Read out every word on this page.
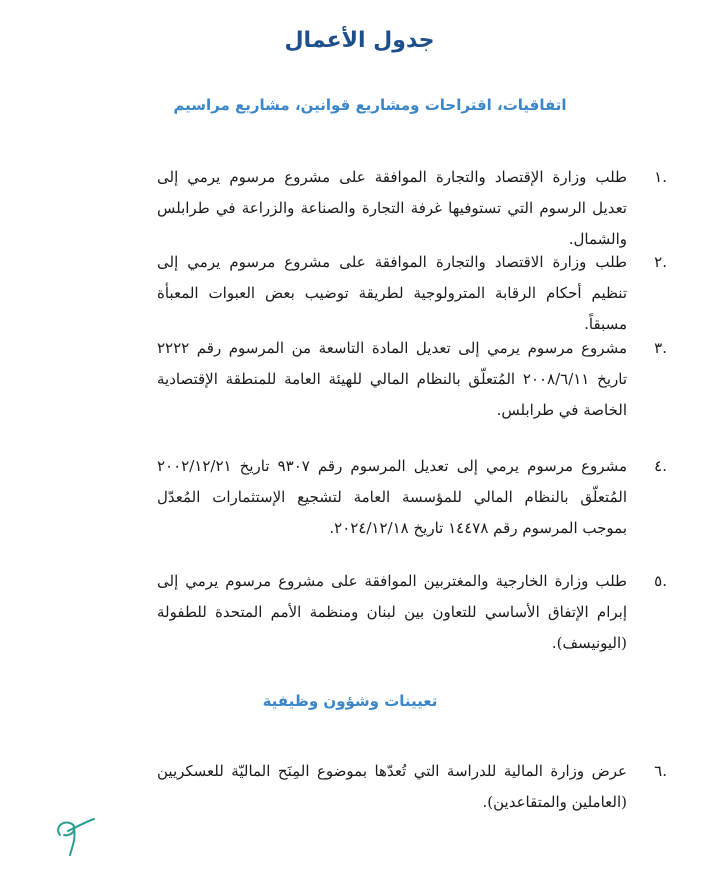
جدول الأعمال
اتفاقيات، اقتراحات ومشاريع قوانين، مشاريع مراسيم
.١
طلب وزارة الإقتصاد والتجارة الموافقة على مشروع مرسوم يرمي إلى تعديل الرسوم التي تستوفيها غرفة التجارة والصناعة والزراعة في طرابلس والشمال.
.٢
طلب وزارة الاقتصاد والتجارة الموافقة على مشروع مرسوم يرمي إلى تنظيم أحكام الرقابة المترولوجية لطريقة توضيب بعض العبوات المعبأة مسبقاً.
.٣
مشروع مرسوم يرمي إلى تعديل المادة التاسعة من المرسوم رقم ٢٢٢٢ تاريخ ٢٠٠٨/٦/١١ المُتعلّق بالنظام المالي للهيئة العامة للمنطقة الإقتصادية الخاصة في طرابلس.
.٤
مشروع مرسوم يرمي إلى تعديل المرسوم رقم ٩٣٠٧ تاريخ ٢٠٠٢/١٢/٢١ المُتعلّق بالنظام المالي للمؤسسة العامة لتشجيع الإستثمارات المُعدّل بموجب المرسوم رقم ١٤٤٧٨ تاريخ ٢٠٢٤/١٢/١٨.
.٥
طلب وزارة الخارجية والمغتربين الموافقة على مشروع مرسوم يرمي إلى إبرام الإتفاق الأساسي للتعاون بين لبنان ومنظمة الأمم المتحدة للطفولة (اليونيسف).
تعيينات وشؤون وظيفية
.٦
عرض وزارة المالية للدراسة التي تُعدّها بموضوع المِنَح الماليّة للعسكريين (العاملين والمتقاعدين).
